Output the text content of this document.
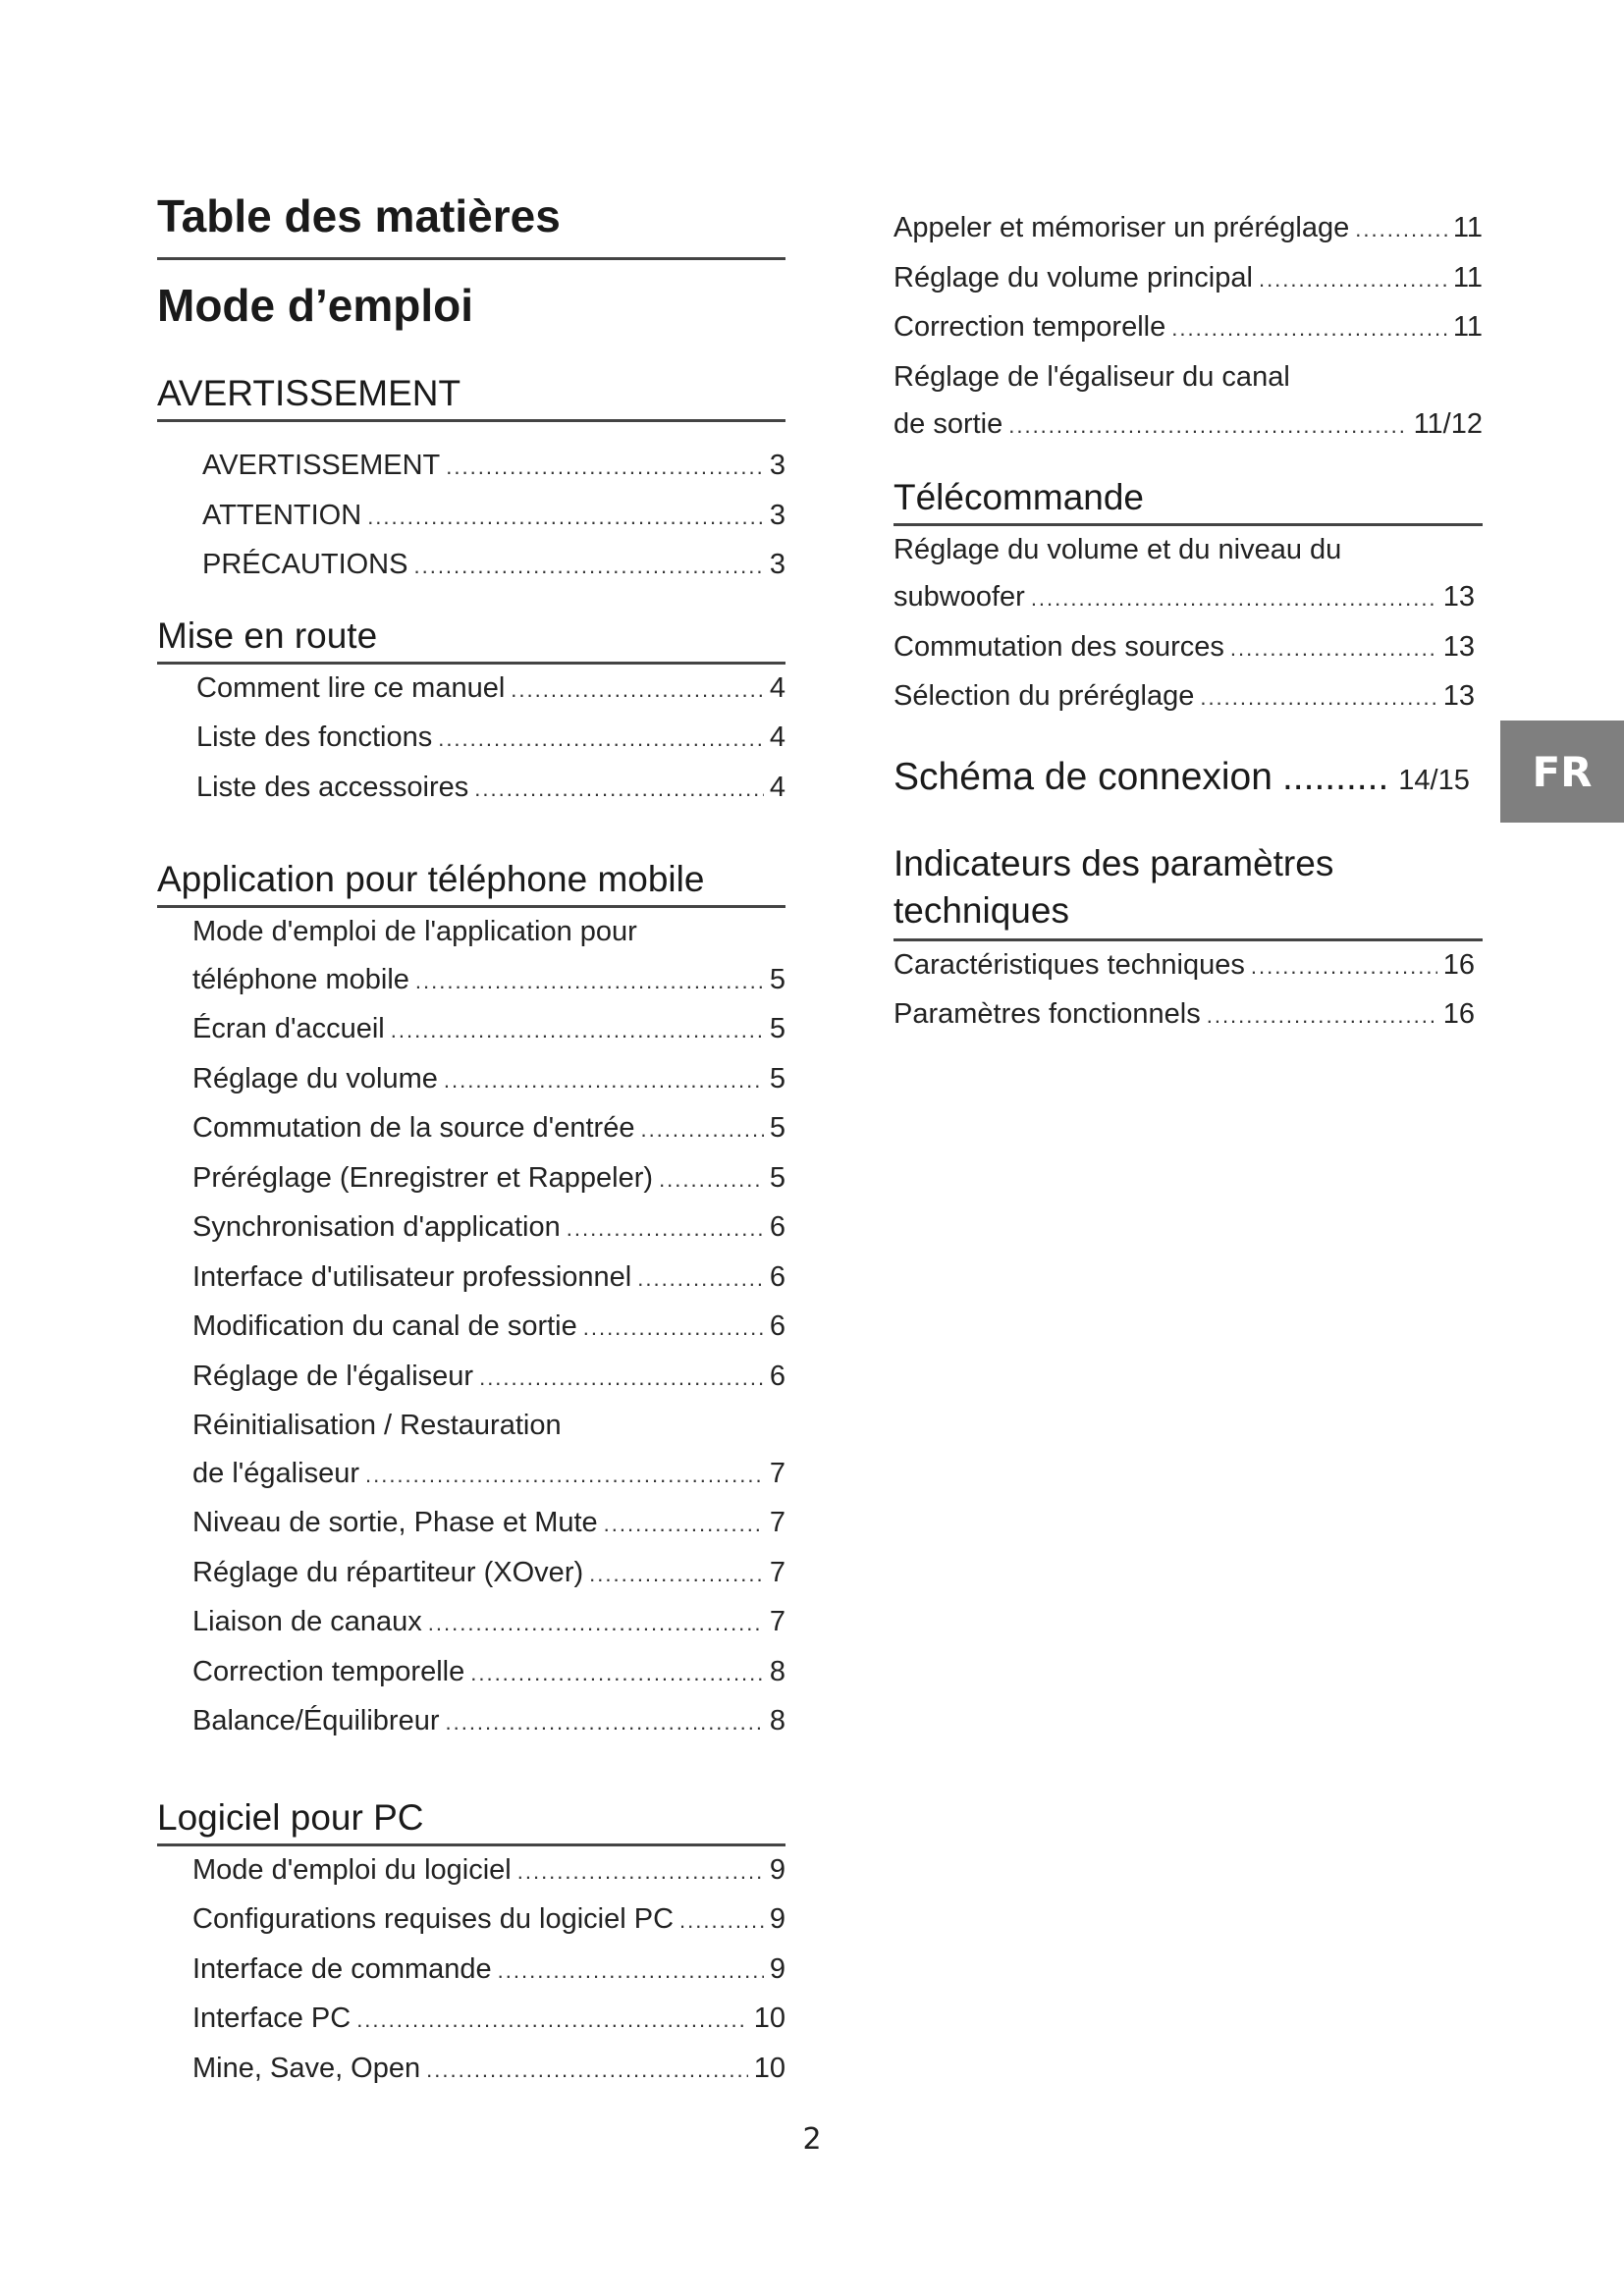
Table des matières
Mode d’emploi
AVERTISSEMENT
AVERTISSEMENT .....	3
ATTENTION .....	3
PRÉCAUTIONS .....	3
Mise en route
Comment lire ce manuel .....	4
Liste des fonctions .....	4
Liste des accessoires .....	4
Application pour téléphone mobile
Mode d'emploi de l'application pour
téléphone mobile .....	5
Écran d'accueil .....	5
Réglage du volume .....	5
Commutation de la source d'entrée .....	5
Préréglage (Enregistrer et Rappeler) .....	5
Synchronisation d'application .....	6
Interface d'utilisateur professionnel .....	6
Modification du canal de sortie .....	6
Réglage de l'égaliseur .....	6
Réinitialisation / Restauration
de l'égaliseur .....	7
Niveau de sortie, Phase et Mute .....	7
Réglage du répartiteur (XOver) .....	7
Liaison de canaux .....	7
Correction temporelle .....	8
Balance/Équilibreur .....	8
Logiciel pour PC
Mode d'emploi du logiciel .....	9
Configurations requises du logiciel PC .....	9
Interface de commande .....	9
Interface PC .....	10
Mine, Save, Open .....	10
Appeler et mémoriser un préréglage .....	11
Réglage du volume principal .....	11
Correction temporelle .....	11
Réglage de l'égaliseur du canal
de sortie .....	11/12
Télécommande
Réglage du volume et du niveau du
subwoofer .....	13
Commutation des sources .....	13
Sélection du préréglage .....	13
Schéma de connexion .......... 14/15
Indicateurs des paramètres
techniques
Caractéristiques techniques .....	16
Paramètres fonctionnels .....	16
FR
2
